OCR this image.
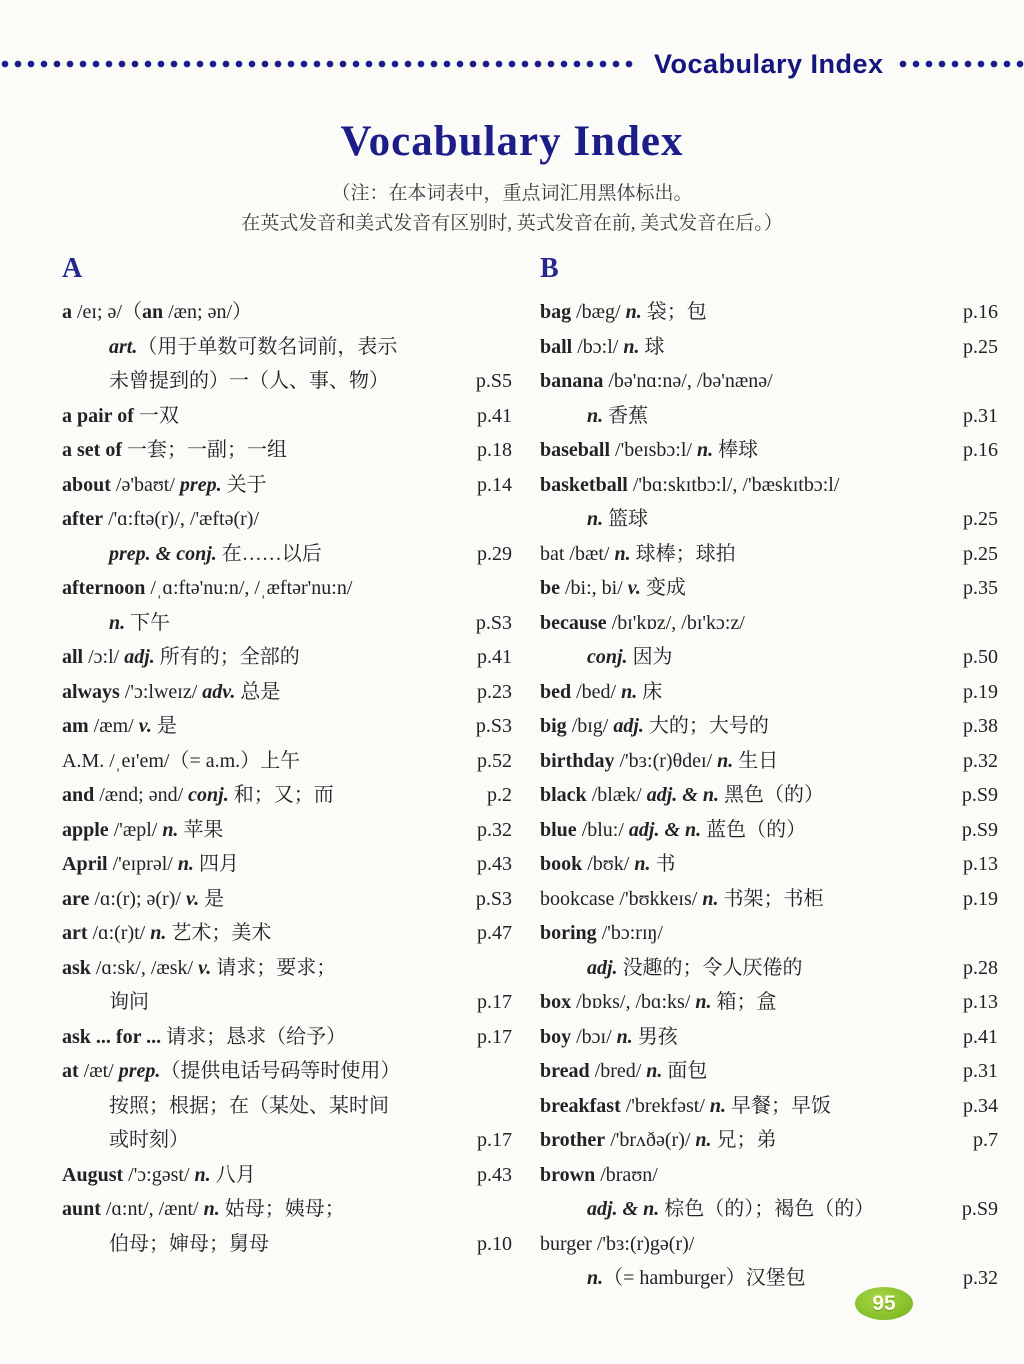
Vocabulary Index
Vocabulary Index
（注：在本词表中，重点词汇用黑体标出。
在英式发音和美式发音有区别时, 英式发音在前, 美式发音在后。）
A
a /eɪ; ə/（an /æn; ən/）
art.（用于单数可数名词前，表示
未曾提到的）一（人、事、物）	p.S5
a pair of 一双	p.41
a set of 一套；一副；一组	p.18
about /ə'baʊt/ prep. 关于	p.14
after /'ɑ:ftə(r)/, /'æftə(r)/
prep. & conj. 在……以后	p.29
afternoon /ˌɑ:ftə'nu:n/, /ˌæftər'nu:n/
n. 下午	p.S3
all /ɔ:l/ adj. 所有的；全部的	p.41
always /'ɔ:lweɪz/ adv. 总是	p.23
am /æm/ v. 是	p.S3
A.M. /ˌeɪ'em/（= a.m.）上午	p.52
and /ænd; ənd/ conj. 和；又；而	p.2
apple /'æpl/ n. 苹果	p.32
April /'eɪprəl/ n. 四月	p.43
are /ɑ:(r); ə(r)/ v. 是	p.S3
art /ɑ:(r)t/ n. 艺术；美术	p.47
ask /ɑ:sk/, /æsk/ v. 请求；要求；
询问	p.17
ask ... for ... 请求；恳求（给予）	p.17
at /æt/ prep.（提供电话号码等时使用）
按照；根据；在（某处、某时间
或时刻）	p.17
August /'ɔ:gəst/ n. 八月	p.43
aunt /ɑ:nt/, /ænt/ n. 姑母；姨母；
伯母；婶母；舅母	p.10
B
bag /bæg/ n. 袋；包	p.16
ball /bɔ:l/ n. 球	p.25
banana /bə'nɑ:nə/, /bə'nænə/
n. 香蕉	p.31
baseball /'beɪsbɔ:l/ n. 棒球	p.16
basketball /'bɑ:skɪtbɔ:l/, /'bæskɪtbɔ:l/
n. 篮球	p.25
bat /bæt/ n. 球棒；球拍	p.25
be /bi:, bi/ v. 变成	p.35
because /bɪ'kɒz/, /bɪ'kɔ:z/
conj. 因为	p.50
bed /bed/ n. 床	p.19
big /bɪg/ adj. 大的；大号的	p.38
birthday /'bɜ:(r)θdeɪ/ n. 生日	p.32
black /blæk/ adj. & n. 黑色（的）	p.S9
blue /blu:/ adj. & n. 蓝色（的）	p.S9
book /bʊk/ n. 书	p.13
bookcase /'bʊkkeɪs/ n. 书架；书柜	p.19
boring /'bɔ:rɪŋ/
adj. 没趣的；令人厌倦的	p.28
box /bɒks/, /bɑ:ks/ n. 箱；盒	p.13
boy /bɔɪ/ n. 男孩	p.41
bread /bred/ n. 面包	p.31
breakfast /'brekfəst/ n. 早餐；早饭	p.34
brother /'brʌðə(r)/ n. 兄；弟	p.7
brown /braʊn/
adj. & n. 棕色（的）；褐色（的）	p.S9
burger /'bɜ:(r)gə(r)/
n.（= hamburger）汉堡包	p.32
95
